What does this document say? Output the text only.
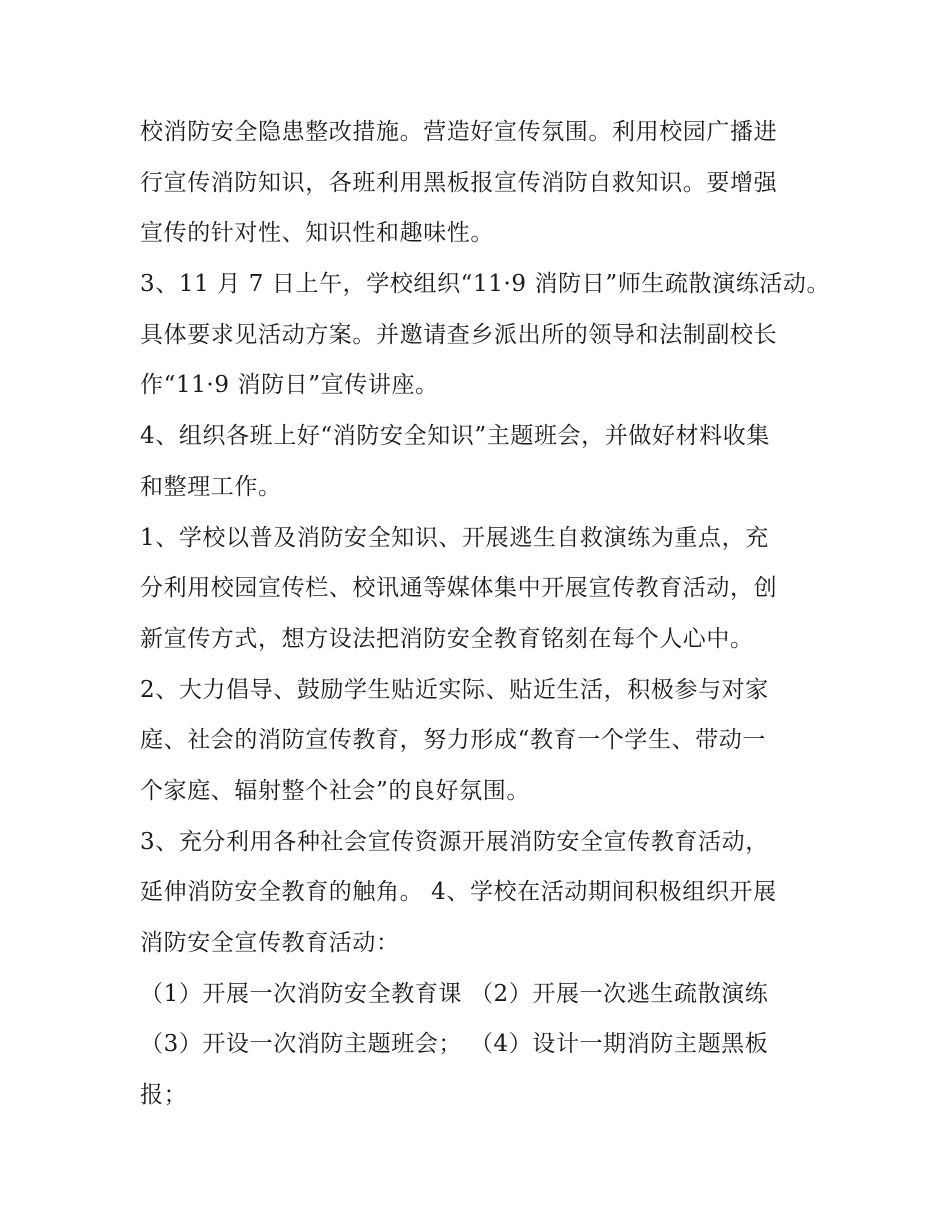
校消防安全隐患整改措施。营造好宣传氛围。利用校园广播进
行宣传消防知识，各班利用黑板报宣传消防自救知识。要增强
宣传的针对性、知识性和趣味性。
3、11 月 7 日上午，学校组织“11·9 消防日”师生疏散演练活动。
具体要求见活动方案。并邀请查乡派出所的领导和法制副校长
作“11·9 消防日”宣传讲座。
4、组织各班上好“消防安全知识”主题班会，并做好材料收集
和整理工作。
1、学校以普及消防安全知识、开展逃生自救演练为重点，充
分利用校园宣传栏、校讯通等媒体集中开展宣传教育活动，创
新宣传方式，想方设法把消防安全教育铭刻在每个人心中。
2、大力倡导、鼓励学生贴近实际、贴近生活，积极参与对家
庭、社会的消防宣传教育，努力形成“教育一个学生、带动一
个家庭、辐射整个社会”的良好氛围。
3、充分利用各种社会宣传资源开展消防安全宣传教育活动，
延伸消防安全教育的触角。 4、学校在活动期间积极组织开展
消防安全宣传教育活动：
（1）开展一次消防安全教育课 （2）开展一次逃生疏散演练
（3）开设一次消防主题班会； （4）设计一期消防主题黑板
报；
